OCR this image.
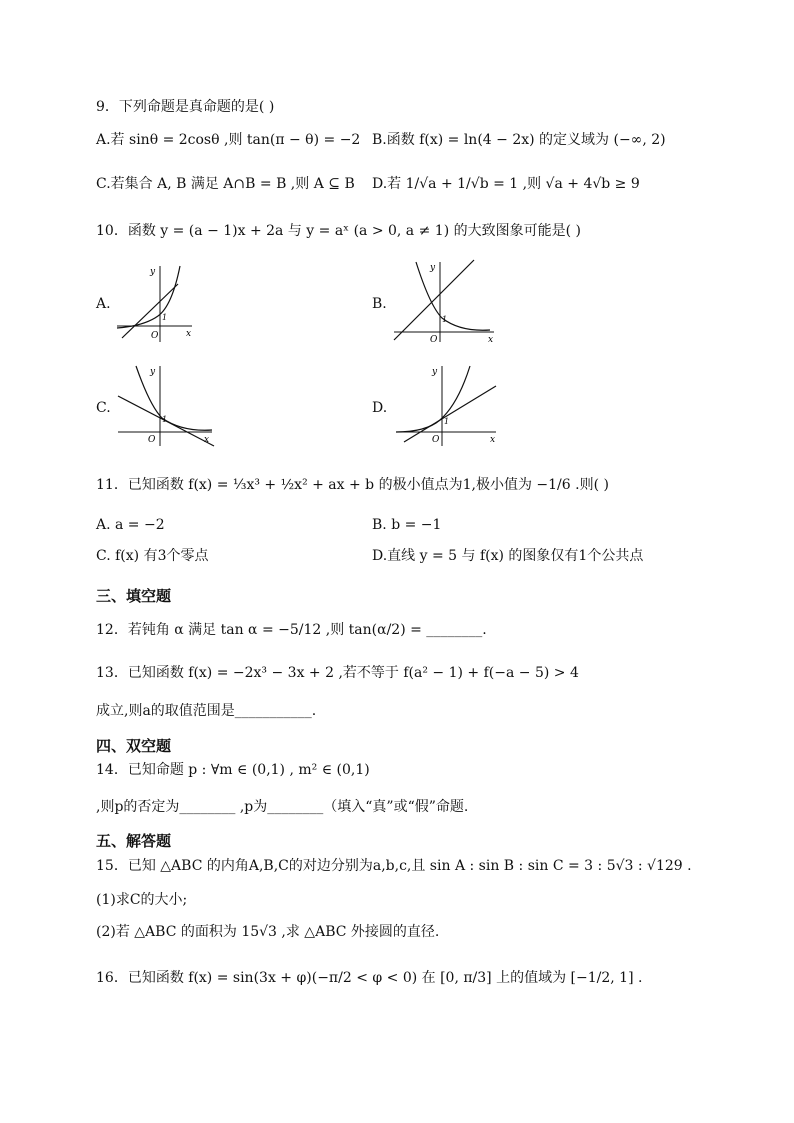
9．下列命题是真命题的是( )
A.若 sinθ = 2cosθ ,则 tan(π − θ) = −2 B.函数 f(x) = ln(4 − 2x) 的定义域为 (−∞, 2)
C.若集合 A, B 满足 A∩B = B ,则 A ⊆ B D.若 1/√a + 1/√b = 1 ,则 √a + 4√b ≥ 9
10．函数 y = (a − 1)x + 2a 与 y = aˣ (a > 0, a ≠ 1) 的大致图象可能是( )
A.
y
x
O
1
B.
y
x
O
1
C.
y
x
O
1
D.
y
x
O
1
11．已知函数 f(x) = ⅓x³ + ½x² + ax + b 的极小值点为1,极小值为 −1/6 .则( )
A. a = −2	B. b = −1
C. f(x) 有3个零点	D.直线 y = 5 与 f(x) 的图象仅有1个公共点
三、填空题
12．若钝角 α 满足 tan α = −5/12 ,则 tan(α/2) = ________.
13．已知函数 f(x) = −2x³ − 3x + 2 ,若不等于 f(a² − 1) + f(−a − 5) > 4
成立,则a的取值范围是___________.
四、双空题
14．已知命题 p : ∀m ∈ (0,1) , m² ∈ (0,1)
,则p的否定为________ ,p为________（填入“真”或“假”命题.
五、解答题
15．已知 △ABC 的内角A,B,C的对边分别为a,b,c,且 sin A : sin B : sin C = 3 : 5√3 : √129 .
(1)求C的大小;
(2)若 △ABC 的面积为 15√3 ,求 △ABC 外接圆的直径.
16．已知函数 f(x) = sin(3x + φ)(−π/2 < φ < 0) 在 [0, π/3] 上的值域为 [−1/2, 1] .
